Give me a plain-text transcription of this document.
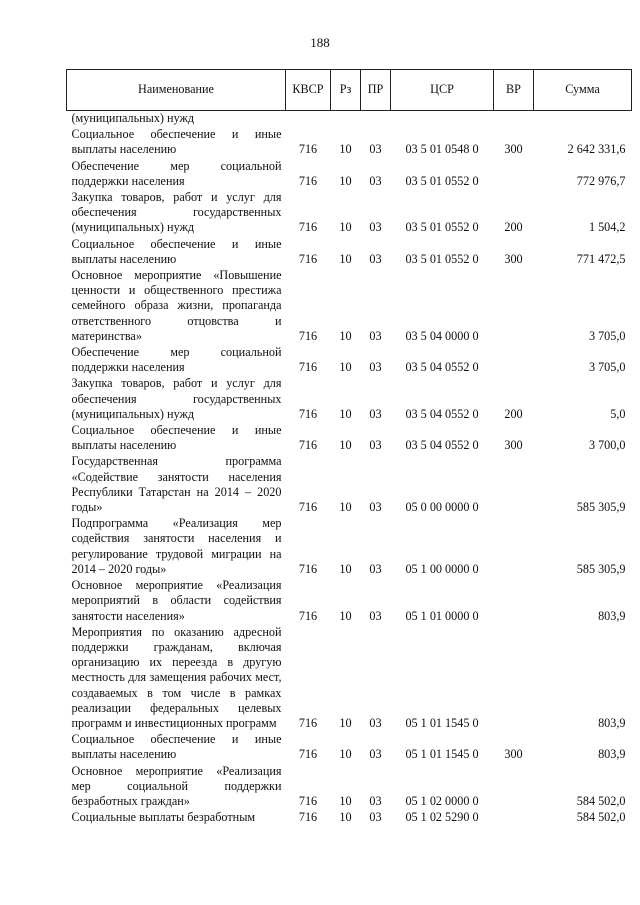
188
Наименование	КВСР	Рз	ПР	ЦСР	ВР	Сумма
(муниципальных) нужд						
Социальное обеспечение и иные выплаты населению	716	10	03	03 5 01 0548 0	300	2 642 331,6
Обеспечение мер социальной поддержки населения	716	10	03	03 5 01 0552 0		772 976,7
Закупка товаров, работ и услуг для обеспечения государственных (муниципальных) нужд	716	10	03	03 5 01 0552 0	200	1 504,2
Социальное обеспечение и иные выплаты населению	716	10	03	03 5 01 0552 0	300	771 472,5
Основное мероприятие «Повышение ценности и общественного престижа семейного образа жизни, пропаганда ответственного отцовства и материнства»	716	10	03	03 5 04 0000 0		3 705,0
Обеспечение мер социальной поддержки населения	716	10	03	03 5 04 0552 0		3 705,0
Закупка товаров, работ и услуг для обеспечения государственных (муниципальных) нужд	716	10	03	03 5 04 0552 0	200	5,0
Социальное обеспечение и иные выплаты населению	716	10	03	03 5 04 0552 0	300	3 700,0
Государственная программа «Содействие занятости населения Республики Татарстан на 2014 – 2020 годы»	716	10	03	05 0 00 0000 0		585 305,9
Подпрограмма «Реализация мер содействия занятости населения и регулирование трудовой миграции на 2014 – 2020 годы»	716	10	03	05 1 00 0000 0		585 305,9
Основное мероприятие «Реализация мероприятий в области содействия занятости населения»	716	10	03	05 1 01 0000 0		803,9
Мероприятия по оказанию адресной поддержки гражданам, включая организацию их переезда в другую местность для замещения рабочих мест, создаваемых в том числе в рамках реализации федеральных целевых программ и инвестиционных программ	716	10	03	05 1 01 1545 0		803,9
Социальное обеспечение и иные выплаты населению	716	10	03	05 1 01 1545 0	300	803,9
Основное мероприятие «Реализация мер социальной поддержки безработных граждан»	716	10	03	05 1 02 0000 0		584 502,0
Социальные выплаты безработным	716	10	03	05 1 02 5290 0		584 502,0
